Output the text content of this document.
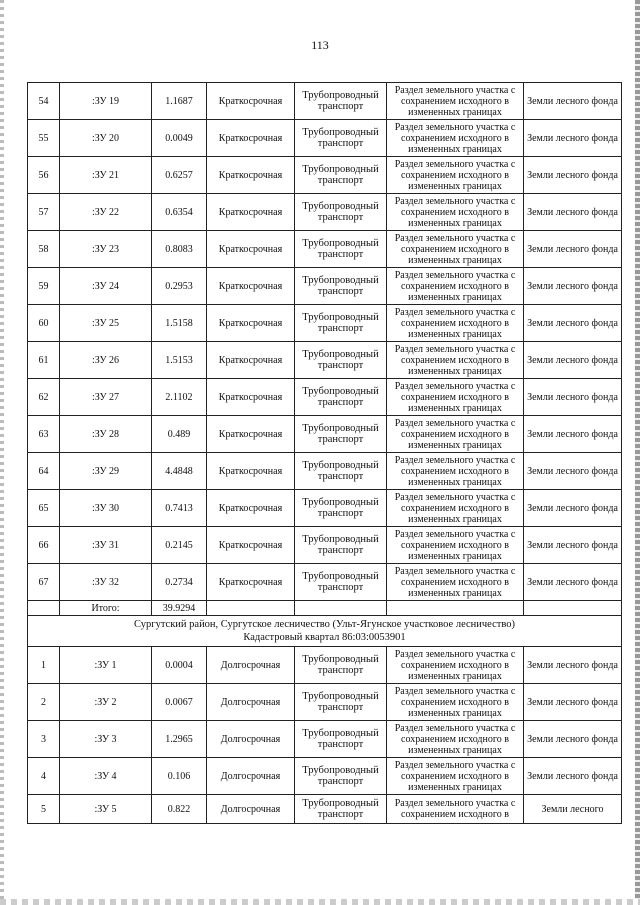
113
54	:ЗУ 19	1.1687	Краткосрочная	Трубопроводный транспорт	Раздел земельного участка с сохранением исходного в измененных границах	Земли лесного фонда
55	:ЗУ 20	0.0049	Краткосрочная	Трубопроводный транспорт	Раздел земельного участка с сохранением исходного в измененных границах	Земли лесного фонда
56	:ЗУ 21	0.6257	Краткосрочная	Трубопроводный транспорт	Раздел земельного участка с сохранением исходного в измененных границах	Земли лесного фонда
57	:ЗУ 22	0.6354	Краткосрочная	Трубопроводный транспорт	Раздел земельного участка с сохранением исходного в измененных границах	Земли лесного фонда
58	:ЗУ 23	0.8083	Краткосрочная	Трубопроводный транспорт	Раздел земельного участка с сохранением исходного в измененных границах	Земли лесного фонда
59	:ЗУ 24	0.2953	Краткосрочная	Трубопроводный транспорт	Раздел земельного участка с сохранением исходного в измененных границах	Земли лесного фонда
60	:ЗУ 25	1.5158	Краткосрочная	Трубопроводный транспорт	Раздел земельного участка с сохранением исходного в измененных границах	Земли лесного фонда
61	:ЗУ 26	1.5153	Краткосрочная	Трубопроводный транспорт	Раздел земельного участка с сохранением исходного в измененных границах	Земли лесного фонда
62	:ЗУ 27	2.1102	Краткосрочная	Трубопроводный транспорт	Раздел земельного участка с сохранением исходного в измененных границах	Земли лесного фонда
63	:ЗУ 28	0.489	Краткосрочная	Трубопроводный транспорт	Раздел земельного участка с сохранением исходного в измененных границах	Земли лесного фонда
64	:ЗУ 29	4.4848	Краткосрочная	Трубопроводный транспорт	Раздел земельного участка с сохранением исходного в измененных границах	Земли лесного фонда
65	:ЗУ 30	0.7413	Краткосрочная	Трубопроводный транспорт	Раздел земельного участка с сохранением исходного в измененных границах	Земли лесного фонда
66	:ЗУ 31	0.2145	Краткосрочная	Трубопроводный транспорт	Раздел земельного участка с сохранением исходного в измененных границах	Земли лесного фонда
67	:ЗУ 32	0.2734	Краткосрочная	Трубопроводный транспорт	Раздел земельного участка с сохранением исходного в измененных границах	Земли лесного фонда
	Итого:	39.9294				

Сургутский район, Сургутское лесничество (Ульт-Ягунское участковое лесничество)
Кадастровый квартал 86:03:0053901						

1	:ЗУ 1	0.0004	Долгосрочная	Трубопроводный транспорт	Раздел земельного участка с сохранением исходного в измененных границах	Земли лесного фонда
2	:ЗУ 2	0.0067	Долгосрочная	Трубопроводный транспорт	Раздел земельного участка с сохранением исходного в измененных границах	Земли лесного фонда
3	:ЗУ 3	1.2965	Долгосрочная	Трубопроводный транспорт	Раздел земельного участка с сохранением исходного в измененных границах	Земли лесного фонда
4	:ЗУ 4	0.106	Долгосрочная	Трубопроводный транспорт	Раздел земельного участка с сохранением исходного в измененных границах	Земли лесного фонда
5	:ЗУ 5	0.822	Долгосрочная	Трубопроводный транспорт	Раздел земельного участка с сохранением исходного в	Земли лесного
